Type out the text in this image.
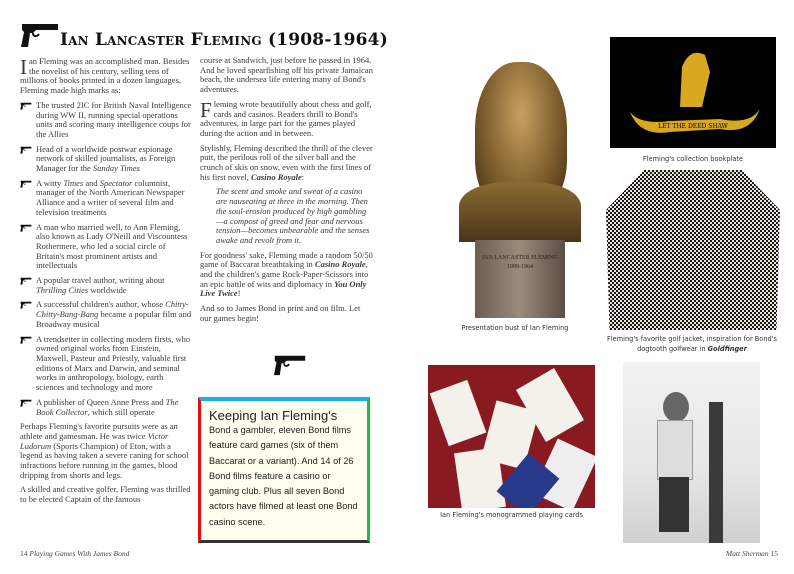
Ian Lancaster Fleming (1908-1964)

Ian Fleming was an accomplished man. Besides the novelist of his century, selling tens of millions of books printed in a dozen languages, Fleming made high marks as:

The trusted 2IC for British Naval Intelligence during WW II, running special operations units and scoring many intelligence coups for the Allies
Head of a worldwide postwar espionage network of skilled journalists, as Foreign Manager for the Sunday Times
A witty Times and Spectator columnist, manager of the North American Newspaper Alliance and a writer of several film and television treatments
A man who married well, to Ann Fleming, also known as Lady O'Neill and Viscountess Rothermere, who led a social circle of Britain's most prominent artists and intellectuals
A popular travel author, writing about Thrilling Cities worldwide
A successful children's author, whose Chitty-Chitty-Bang-Bang became a popular film and Broadway musical
A trendsetter in collecting modern firsts, who owned original works from Einstein, Maxwell, Pasteur and Priestly, valuable first editions of Marx and Darwin, and seminal works in anthropology, biology, earth sciences and technology and more
A publisher of Queen Anne Press and The Book Collector, which still operate

Perhaps Fleming's favorite pursuits were as an athlete and gamesman. He was twice Victor Ludorum (Sports Champion) of Eton, with a legend as having taken a severe caning for school infractions before running in the games, blood dripping from shorts and legs.

A skilled and creative golfer, Fleming was thrilled to be elected Captain of the famous

course at Sandwich, just before he passed in 1964. And he loved spearfishing off his private Jamaican beach, the undersea life entering many of Bond's adventures.

Fleming wrote beautifully about chess and golf, cards and casinos. Readers thrill to Bond's adventures, in large part for the games played during the action and in between.

Stylishly, Fleming described the thrill of the clever putt, the perilous roll of the silver ball and the crunch of skis on snow, even with the first lines of his first novel, Casino Royale:

The scent and smoke and sweat of a casino are nauseating at three in the morning. Then the soul-erosion produced by high gambling—a compost of greed and fear and nervous tension—becomes unbearable and the senses awake and revolt from it.

For goodness' sake, Fleming made a random 50/50 game of Baccarat breathtaking in Casino Royale, and the children's game Rock-Paper-Scissors into an epic battle of wits and diplomacy in You Only Live Twice!

And so to James Bond in print and on film. Let our games begin!

Keeping Ian Fleming's
Bond a gambler, eleven Bond films feature card games (six of them Baccarat or a variant). And 14 of 26 Bond films feature a casino or gaming club. Plus all seven Bond actors have filmed at least one Bond casino scene.
IAN LANCASTER FLEMING 1908-1964
Presentation bust of Ian Fleming
LET THE DEED SHAW
Fleming's collection bookplate
Fleming's favorite golf jacket, inspiration for Bond's dogtooth golfwear in Goldfinger
Ian Fleming's monogrammed playing cards
14 Playing Games With James Bond	Matt Sherman 15
